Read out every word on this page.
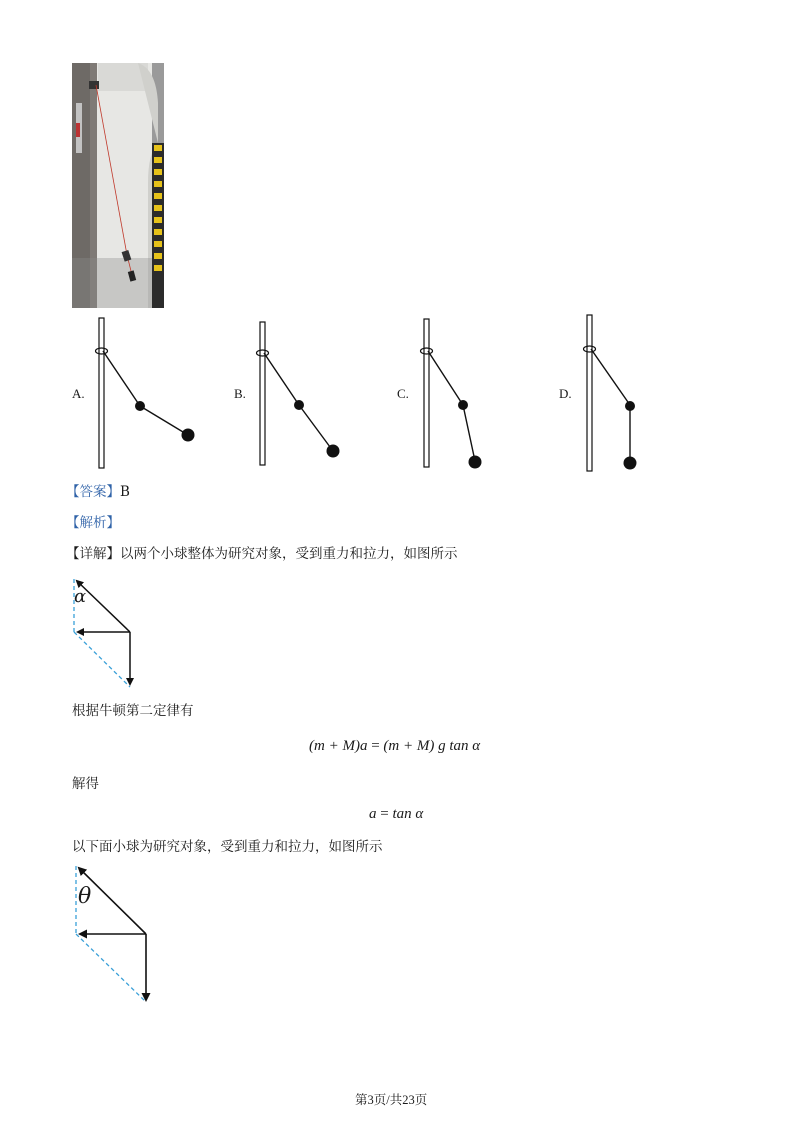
A.	B.	C.	D.
【答案】B
【解析】
【详解】以两个小球整体为研究对象，受到重力和拉力，如图所示
α
根据牛顿第二定律有
(m + M)a = (m + M) g tan α
解得
a = tan α
以下面小球为研究对象，受到重力和拉力，如图所示
θ
第3页/共23页
